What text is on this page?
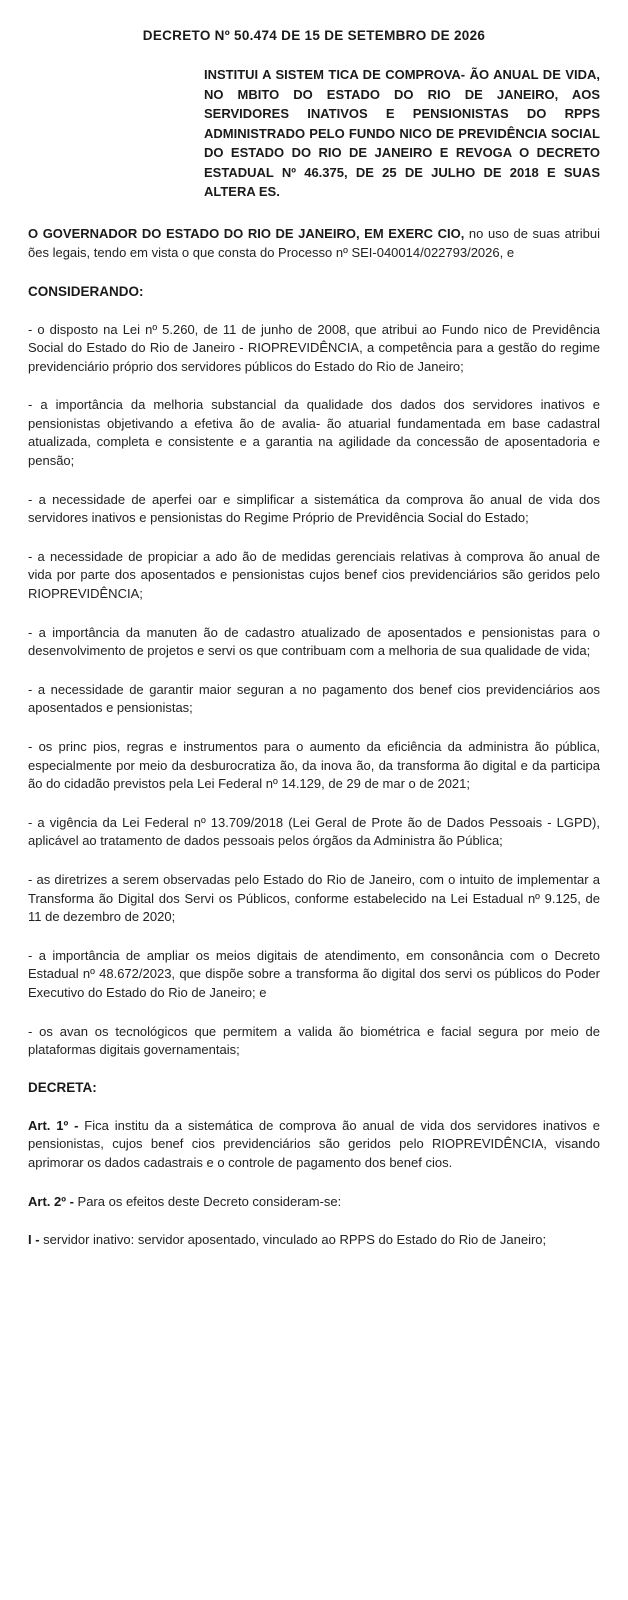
DECRETO Nº 50.474 DE 15 DE SETEMBRO DE 2026
INSTITUI A SISTEM TICA DE COMPROVA- ÃO ANUAL DE VIDA, NO MBITO DO ESTADO DO RIO DE JANEIRO, AOS SERVIDORES INATIVOS E PENSIONISTAS DO RPPS ADMINISTRADO PELO FUNDO NICO DE PREVIDÊNCIA SOCIAL DO ESTADO DO RIO DE JANEIRO E REVOGA O DECRETO ESTADUAL Nº 46.375, DE 25 DE JULHO DE 2018 E SUAS ALTERA ES.
O GOVERNADOR DO ESTADO DO RIO DE JANEIRO, EM EXERC CIO, no uso de suas atribui ões legais, tendo em vista o que consta do Processo nº SEI-040014/022793/2026, e
CONSIDERANDO:
- o disposto na Lei nº 5.260, de 11 de junho de 2008, que atribui ao Fundo nico de Previdência Social do Estado do Rio de Janeiro - RIOPREVIDÊNCIA, a competência para a gestão do regime previdenciário próprio dos servidores públicos do Estado do Rio de Janeiro;
- a importância da melhoria substancial da qualidade dos dados dos servidores inativos e pensionistas objetivando a efetiva ão de avalia- ão atuarial fundamentada em base cadastral atualizada, completa e consistente e a garantia na agilidade da concessão de aposentadoria e pensão;
- a necessidade de aperfei oar e simplificar a sistemática da comprova ão anual de vida dos servidores inativos e pensionistas do Regime Próprio de Previdência Social do Estado;
- a necessidade de propiciar a ado ão de medidas gerenciais relativas à comprova ão anual de vida por parte dos aposentados e pensionistas cujos benef cios previdenciários são geridos pelo RIOPREVIDÊNCIA;
- a importância da manuten ão de cadastro atualizado de aposentados e pensionistas para o desenvolvimento de projetos e servi os que contribuam com a melhoria de sua qualidade de vida;
- a necessidade de garantir maior seguran a no pagamento dos benef cios previdenciários aos aposentados e pensionistas;
- os princ pios, regras e instrumentos para o aumento da eficiência da administra ão pública, especialmente por meio da desburocratiza ão, da inova ão, da transforma ão digital e da participa ão do cidadão previstos pela Lei Federal nº 14.129, de 29 de mar o de 2021;
- a vigência da Lei Federal nº 13.709/2018 (Lei Geral de Prote ão de Dados Pessoais - LGPD), aplicável ao tratamento de dados pessoais pelos órgãos da Administra ão Pública;
- as diretrizes a serem observadas pelo Estado do Rio de Janeiro, com o intuito de implementar a Transforma ão Digital dos Servi os Públicos, conforme estabelecido na Lei Estadual nº 9.125, de 11 de dezembro de 2020;
- a importância de ampliar os meios digitais de atendimento, em consonância com o Decreto Estadual nº 48.672/2023, que dispõe sobre a transforma ão digital dos servi os públicos do Poder Executivo do Estado do Rio de Janeiro; e
- os avan os tecnológicos que permitem a valida ão biométrica e facial segura por meio de plataformas digitais governamentais;
DECRETA:
Art. 1º - Fica institu da a sistemática de comprova ão anual de vida dos servidores inativos e pensionistas, cujos benef cios previdenciários são geridos pelo RIOPREVIDÊNCIA, visando aprimorar os dados cadastrais e o controle de pagamento dos benef cios.
Art. 2º - Para os efeitos deste Decreto consideram-se:
I - servidor inativo: servidor aposentado, vinculado ao RPPS do Estado do Rio de Janeiro;
